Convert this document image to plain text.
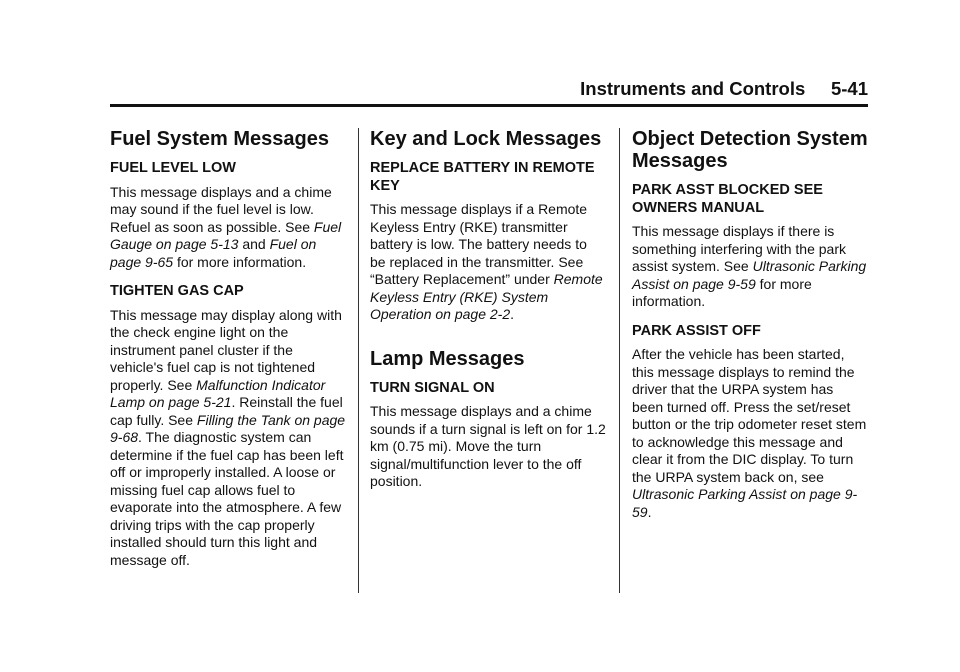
Instruments and Controls 5-41
Fuel System Messages
FUEL LEVEL LOW

This message displays and a chime may sound if the fuel level is low. Refuel as soon as possible. See Fuel Gauge on page 5-13 and Fuel on page 9-65 for more information.

TIGHTEN GAS CAP

This message may display along with the check engine light on the instrument panel cluster if the vehicle's fuel cap is not tightened properly. See Malfunction Indicator Lamp on page 5-21. Reinstall the fuel cap fully. See Filling the Tank on page 9-68. The diagnostic system can determine if the fuel cap has been left off or improperly installed. A loose or missing fuel cap allows fuel to evaporate into the atmosphere. A few driving trips with the cap properly installed should turn this light and message off.

Key and Lock Messages
REPLACE BATTERY IN REMOTE KEY

This message displays if a Remote Keyless Entry (RKE) transmitter battery is low. The battery needs to be replaced in the transmitter. See “Battery Replacement” under Remote Keyless Entry (RKE) System Operation on page 2-2.

Lamp Messages
TURN SIGNAL ON

This message displays and a chime sounds if a turn signal is left on for 1.2 km (0.75 mi). Move the turn signal/multifunction lever to the off position.

Object Detection System Messages
PARK ASST BLOCKED SEE OWNERS MANUAL

This message displays if there is something interfering with the park assist system. See Ultrasonic Parking Assist on page 9-59 for more information.

PARK ASSIST OFF

After the vehicle has been started, this message displays to remind the driver that the URPA system has been turned off. Press the set/reset button or the trip odometer reset stem to acknowledge this message and clear it from the DIC display. To turn the URPA system back on, see Ultrasonic Parking Assist on page 9-59.
